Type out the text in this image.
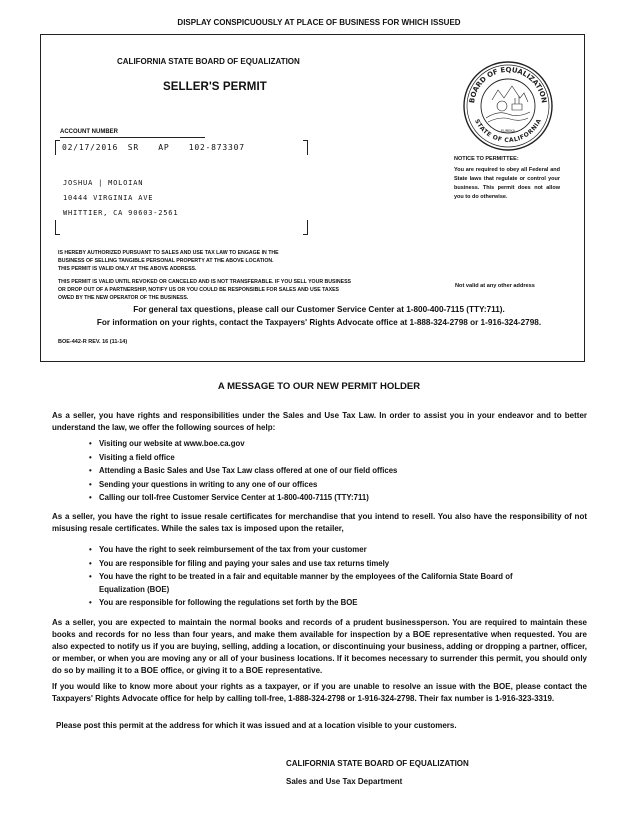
DISPLAY CONSPICUOUSLY AT PLACE OF BUSINESS FOR WHICH ISSUED
CALIFORNIA STATE BOARD OF EQUALIZATION
SELLER'S PERMIT
BOARD OF EQUALIZATION
STATE OF CALIFORNIA
EUREKA
ACCOUNT NUMBER
02/17/2016 SR  AP  102-873307
JOSHUA | MOLOIAN
10444 VIRGINIA AVE
WHITTIER, CA 90603-2561
NOTICE TO PERMITTEE:
You are required to obey all Federal and State laws that regulate or control your business. This permit does not allow you to do otherwise.
IS HEREBY AUTHORIZED PURSUANT TO SALES AND USE TAX LAW TO ENGAGE IN THE
BUSINESS OF SELLING TANGIBLE PERSONAL PROPERTY AT THE ABOVE LOCATION.
THIS PERMIT IS VALID ONLY AT THE ABOVE ADDRESS.
THIS PERMIT IS VALID UNTIL REVOKED OR CANCELED AND IS NOT TRANSFERABLE. IF YOU SELL YOUR BUSINESS
OR DROP OUT OF A PARTNERSHIP, NOTIFY US OR YOU COULD BE RESPONSIBLE FOR SALES AND USE TAXES
OWED BY THE NEW OPERATOR OF THE BUSINESS.
Not valid at any other address
For general tax questions, please call our Customer Service Center at 1-800-400-7115 (TTY:711).
For information on your rights, contact the Taxpayers' Rights Advocate office at 1-888-324-2798 or 1-916-324-2798.
BOE-442-R REV. 16 (11-14)
A MESSAGE TO OUR NEW PERMIT HOLDER
As a seller, you have rights and responsibilities under the Sales and Use Tax Law. In order to assist you in your endeavor and to better understand the law, we offer the following sources of help:
• Visiting our website at www.boe.ca.gov
• Visiting a field office
• Attending a Basic Sales and Use Tax Law class offered at one of our field offices
• Sending your questions in writing to any one of our offices
• Calling our toll-free Customer Service Center at 1-800-400-7115 (TTY:711)
As a seller, you have the right to issue resale certificates for merchandise that you intend to resell. You also have the responsibility of not misusing resale certificates. While the sales tax is imposed upon the retailer,
• You have the right to seek reimbursement of the tax from your customer
• You are responsible for filing and paying your sales and use tax returns timely
• You have the right to be treated in a fair and equitable manner by the employees of the California State Board of Equalization (BOE)
• You are responsible for following the regulations set forth by the BOE
As a seller, you are expected to maintain the normal books and records of a prudent businessperson. You are required to maintain these books and records for no less than four years, and make them available for inspection by a BOE representative when requested. You are also expected to notify us if you are buying, selling, adding a location, or discontinuing your business, adding or dropping a partner, officer, or member, or when you are moving any or all of your business locations. If it becomes necessary to surrender this permit, you should only do so by mailing it to a BOE office, or giving it to a BOE representative.
If you would like to know more about your rights as a taxpayer, or if you are unable to resolve an issue with the BOE, please contact the Taxpayers' Rights Advocate office for help by calling toll-free, 1-888-324-2798 or 1-916-324-2798. Their fax number is 1-916-323-3319.
Please post this permit at the address for which it was issued and at a location visible to your customers.
CALIFORNIA STATE BOARD OF EQUALIZATION
Sales and Use Tax Department
